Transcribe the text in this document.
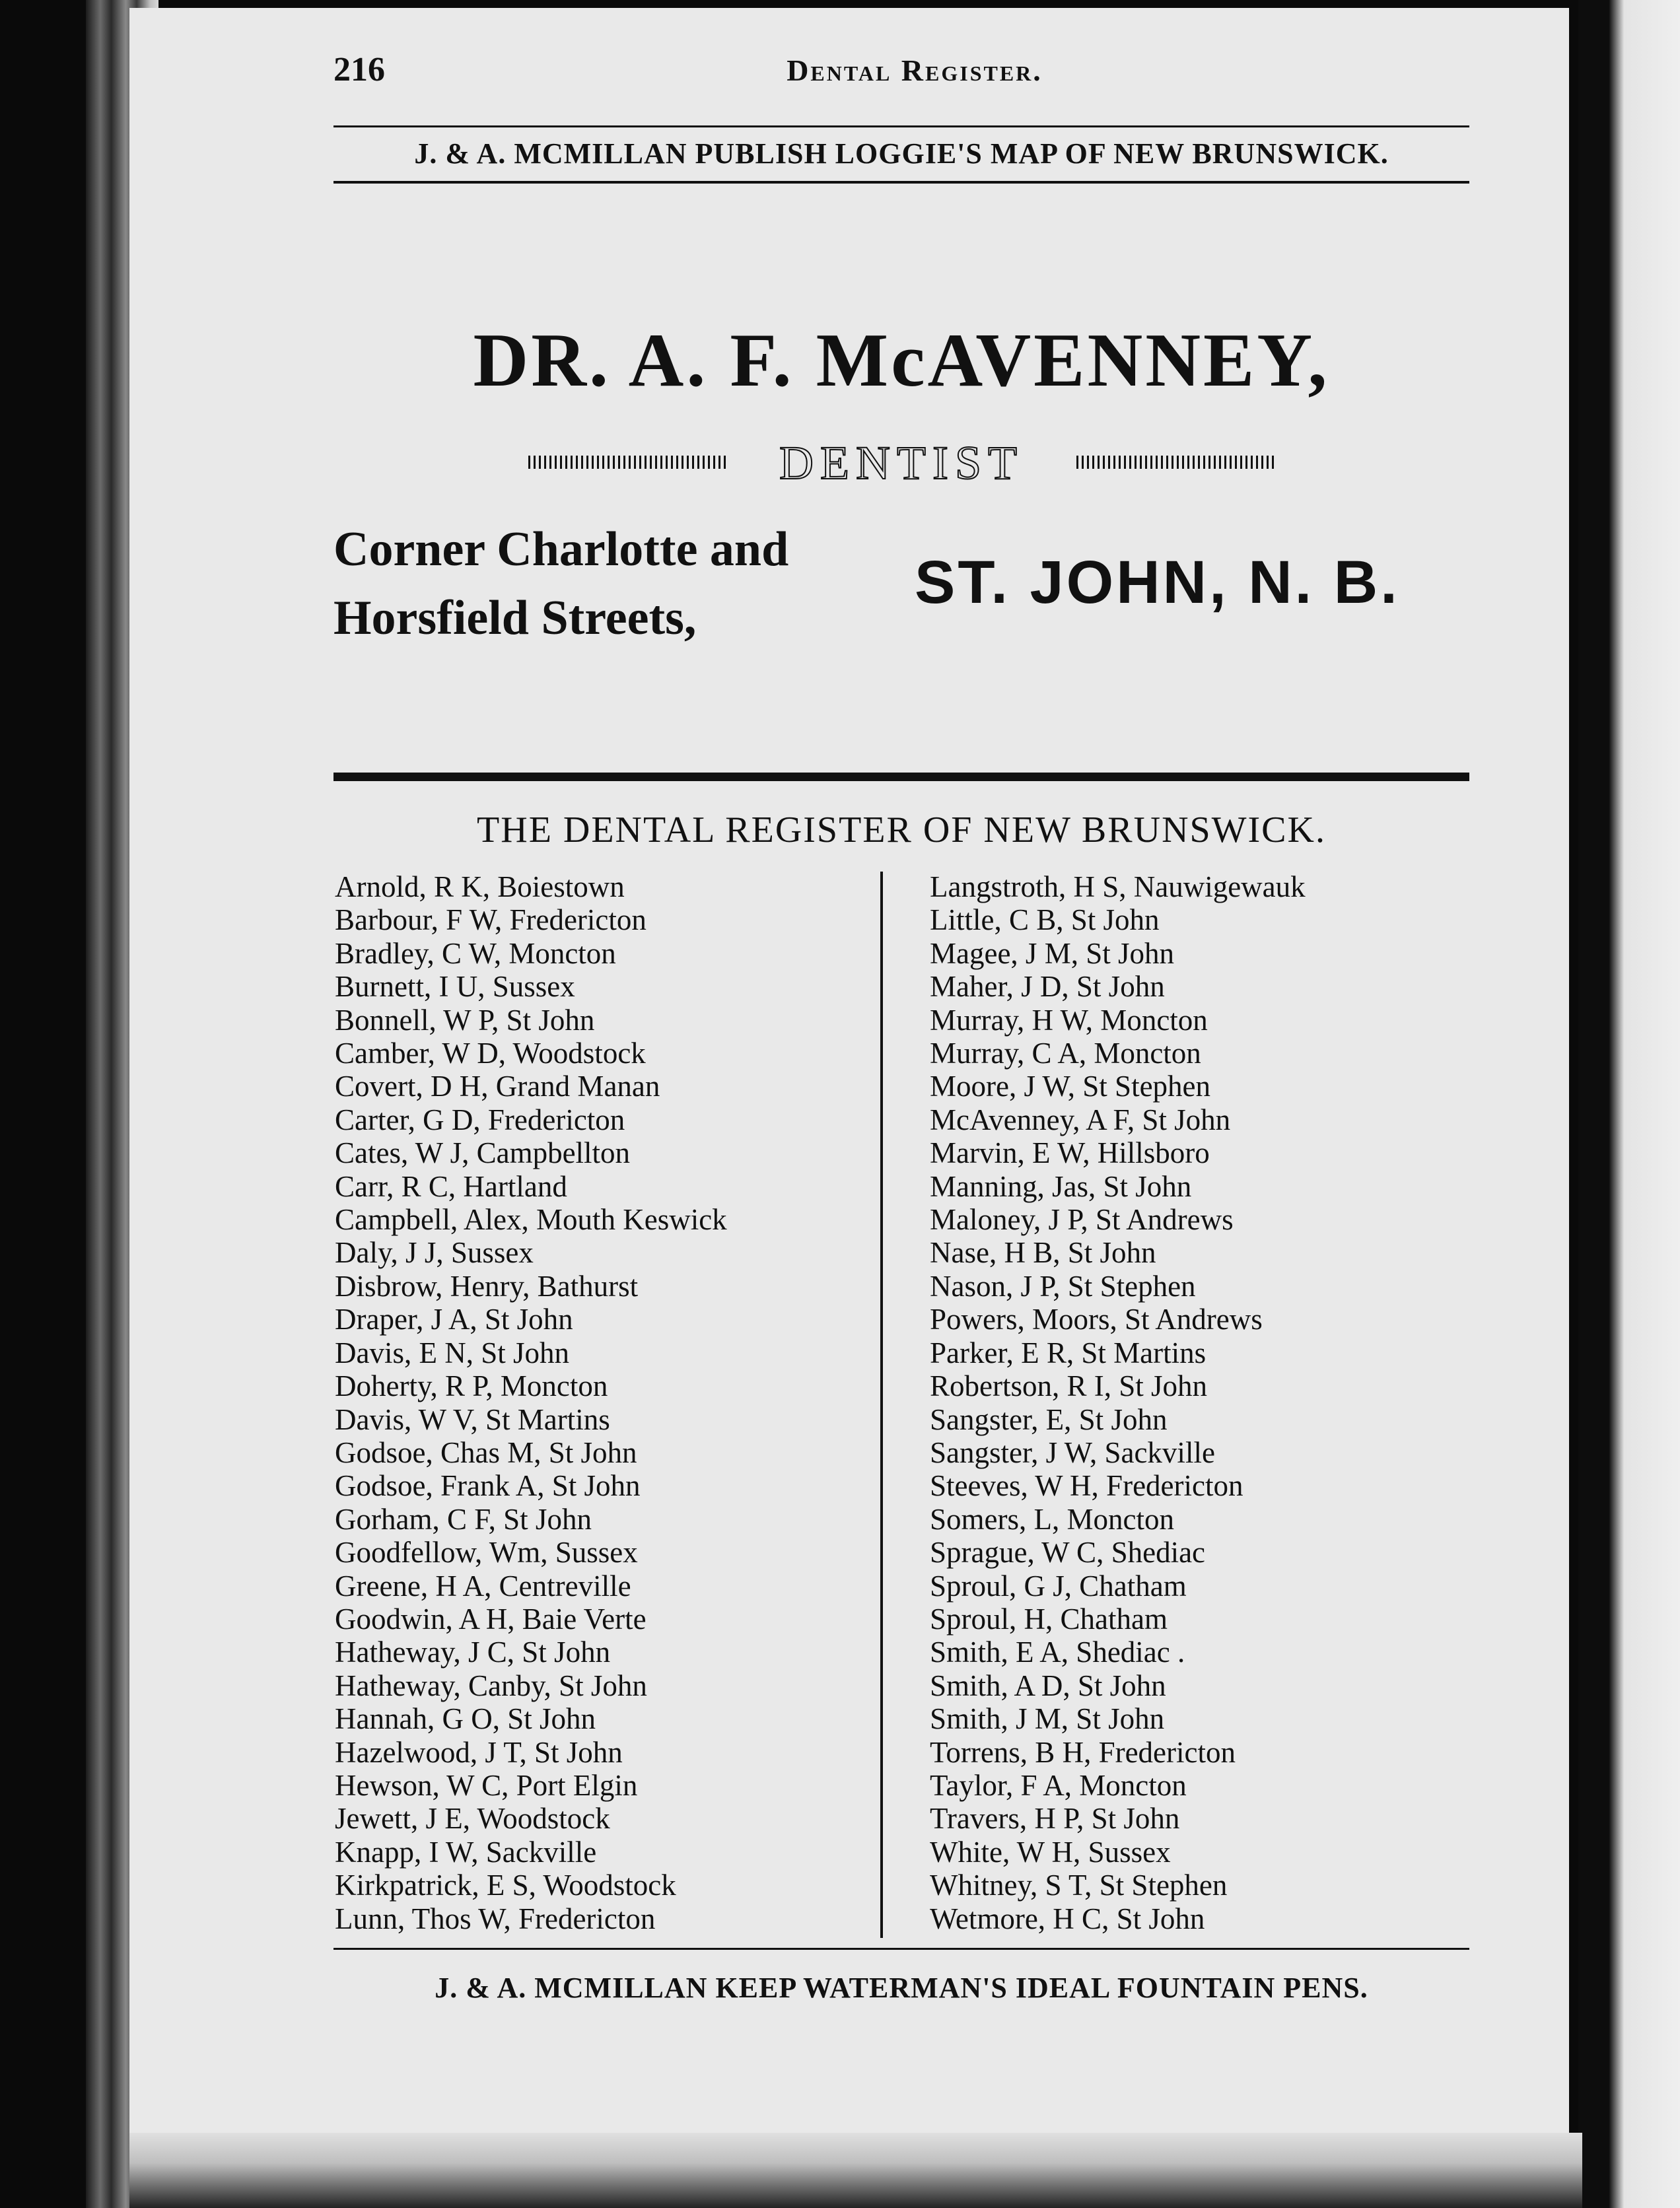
216	Dental Register.
J. & A. MCMILLAN PUBLISH LOGGIE'S MAP OF NEW BRUNSWICK.
DR. A. F. McAVENNEY,
DENTIST
Corner Charlotte and
Horsfield Streets,
ST. JOHN, N. B.
THE DENTAL REGISTER OF NEW BRUNSWICK.
Arnold, R K, Boiestown
Barbour, F W, Fredericton
Bradley, C W, Moncton
Burnett, I U, Sussex
Bonnell, W P, St John
Camber, W D, Woodstock
Covert, D H, Grand Manan
Carter, G D, Fredericton
Cates, W J, Campbellton
Carr, R C, Hartland
Campbell, Alex, Mouth Keswick
Daly, J J, Sussex
Disbrow, Henry, Bathurst
Draper, J A, St John
Davis, E N, St John
Doherty, R P, Moncton
Davis, W V, St Martins
Godsoe, Chas M, St John
Godsoe, Frank A, St John
Gorham, C F, St John
Goodfellow, Wm, Sussex
Greene, H A, Centreville
Goodwin, A H, Baie Verte
Hatheway, J C, St John
Hatheway, Canby, St John
Hannah, G O, St John
Hazelwood, J T, St John
Hewson, W C, Port Elgin
Jewett, J E, Woodstock
Knapp, I W, Sackville
Kirkpatrick, E S, Woodstock
Lunn, Thos W, Fredericton
Langstroth, H S, Nauwigewauk
Little, C B, St John
Magee, J M, St John
Maher, J D, St John
Murray, H W, Moncton
Murray, C A, Moncton
Moore, J W, St Stephen
McAvenney, A F, St John
Marvin, E W, Hillsboro
Manning, Jas, St John
Maloney, J P, St Andrews
Nase, H B, St John
Nason, J P, St Stephen
Powers, Moors, St Andrews
Parker, E R, St Martins
Robertson, R I, St John
Sangster, E, St John
Sangster, J W, Sackville
Steeves, W H, Fredericton
Somers, L, Moncton
Sprague, W C, Shediac
Sproul, G J, Chatham
Sproul, H, Chatham
Smith, E A, Shediac .
Smith, A D, St John
Smith, J M, St John
Torrens, B H, Fredericton
Taylor, F A, Moncton
Travers, H P, St John
White, W H, Sussex
Whitney, S T, St Stephen
Wetmore, H C, St John
J. & A. MCMILLAN KEEP WATERMAN'S IDEAL FOUNTAIN PENS.
